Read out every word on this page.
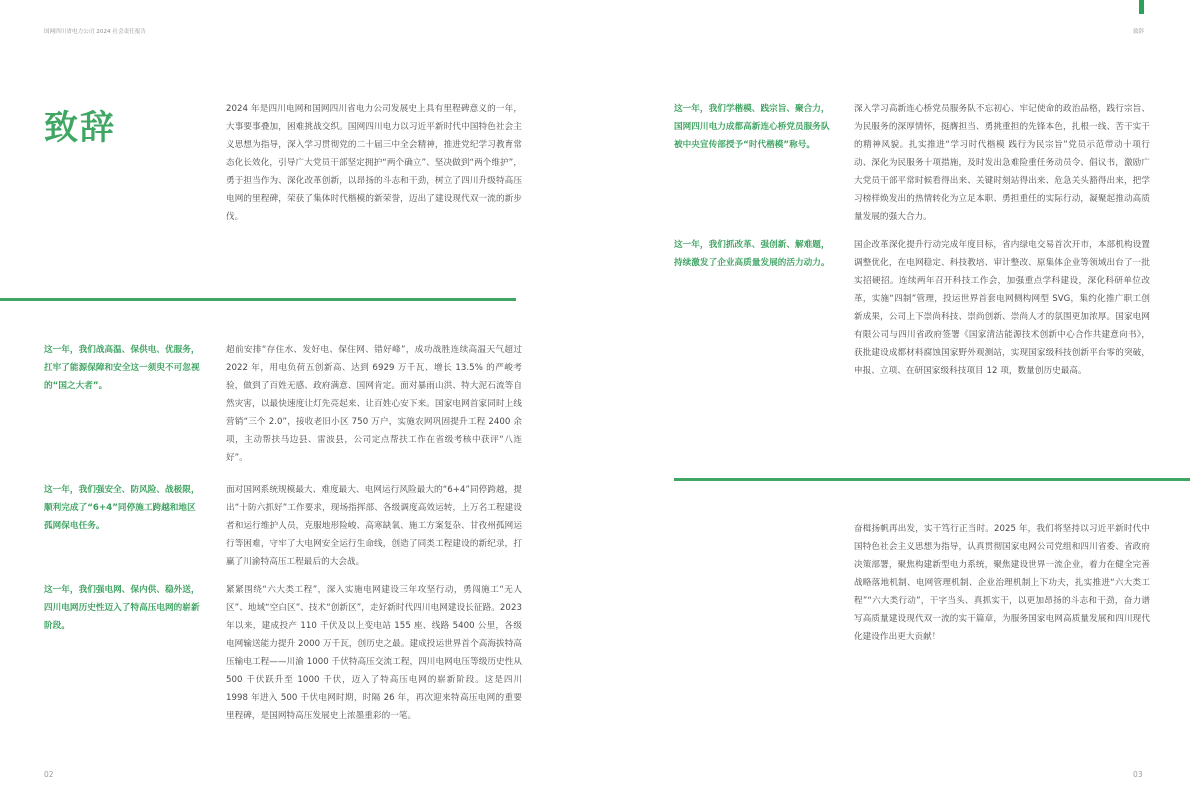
国网四川省电力公司 2024 社会责任报告	致辞
致辞	2024 年是四川电网和国网四川省电力公司发展史上具有里程碑意义的一年，大事要事叠加，困难挑战交织。国网四川电力以习近平新时代中国特色社会主义思想为指导，深入学习贯彻党的二十届三中全会精神，推进党纪学习教育常态化长效化，引导广大党员干部坚定拥护“两个确立”、坚决做到“两个维护”，勇于担当作为、深化改革创新，以昂扬的斗志和干劲，树立了四川升级特高压电网的里程碑，荣获了集体时代楷模的新荣誉，迈出了建设现代双一流的新步伐。
这一年，我们战高温、保供电、优服务，扛牢了能源保障和安全这一须臾不可忽视的“国之大者”。
超前安排“存住水、发好电、保住网、错好峰”，成功战胜连续高温天气超过 2022 年，用电负荷五创新高、达到 6929 万千瓦、增长 13.5% 的严峻考验，做到了百姓无感、政府满意、国网肯定。面对暴雨山洪、特大泥石流等自然灾害，以最快速度让灯先亮起来、让百姓心安下来。国家电网首家同时上线营销“三个 2.0”，接收老旧小区 750 万户，实施农网巩固提升工程 2400 余项，主动帮扶马边县、雷波县，公司定点帮扶工作在省级考核中获评“八连好”。
这一年，我们强安全、防风险、战极限，顺利完成了“6+4”同停施工跨越和地区孤网保电任务。
面对国网系统规模最大、难度最大、电网运行风险最大的“6+4”同停跨越，提出“十防六抓好”工作要求，现场指挥部、各级调度高效运转，上万名工程建设者和运行维护人员，克服地形险峻、高寒缺氧、施工方案复杂、甘孜州孤网运行等困难，守牢了大电网安全运行生命线，创造了同类工程建设的新纪录，打赢了川渝特高压工程最后的大会战。
这一年，我们强电网、保内供、稳外送，四川电网历史性迈入了特高压电网的崭新阶段。
紧紧围绕“六大类工程”，深入实施电网建设三年攻坚行动，勇闯施工“无人区”、地域“空白区”、技术“创新区”，走好新时代四川电网建设长征路。2023 年以来，建成投产 110 千伏及以上变电站 155 座、线路 5400 公里，各级电网输送能力提升 2000 万千瓦，创历史之最。建成投运世界首个高海拔特高压输电工程——川渝 1000 千伏特高压交流工程，四川电网电压等级历史性从 500 千伏跃升至 1000 千伏，迈入了特高压电网的崭新阶段。这是四川 1998 年进入 500 千伏电网时期，时隔 26 年，再次迎来特高压电网的重要里程碑，是国网特高压发展史上浓墨重彩的一笔。
02
这一年，我们学楷模、践宗旨、聚合力，国网四川电力成都高新连心桥党员服务队被中央宣传部授予“时代楷模”称号。
深入学习高新连心桥党员服务队不忘初心、牢记使命的政治品格，践行宗旨、为民服务的深厚情怀，挺膺担当、勇挑重担的先锋本色，扎根一线、苦干实干的精神风貌。扎实推进“学习时代楷模 践行为民宗旨”党员示范带动十项行动、深化为民服务十项措施，及时发出急难险重任务动员令、倡议书，激励广大党员干部平常时候看得出来、关键时刻站得出来、危急关头豁得出来，把学习榜样焕发出的热情转化为立足本职、勇担重任的实际行动，凝聚起推动高质量发展的强大合力。
这一年，我们抓改革、强创新、解难题，持续激发了企业高质量发展的活力动力。
国企改革深化提升行动完成年度目标，省内绿电交易首次开市，本部机构设置调整优化，在电网稳定、科技教培、审计整改、原集体企业等领域出台了一批实招硬招。连续两年召开科技工作会，加强重点学科建设，深化科研单位改革，实施“四制”管理，投运世界首套电网侧构网型 SVG，集约化推广职工创新成果，公司上下崇尚科技、崇尚创新、崇尚人才的氛围更加浓厚。国家电网有限公司与四川省政府签署《国家清洁能源技术创新中心合作共建意向书》，获批建设成都材料腐蚀国家野外观测站，实现国家级科技创新平台零的突破，申报、立项、在研国家级科技项目 12 项，数量创历史最高。
奋楫扬帆再出发，实干笃行正当时。2025 年，我们将坚持以习近平新时代中国特色社会主义思想为指导，认真贯彻国家电网公司党组和四川省委、省政府决策部署，聚焦构建新型电力系统，聚焦建设世界一流企业，着力在健全完善战略落地机制、电网管理机制、企业治理机制上下功夫，扎实推进“六大类工程”“六大类行动”，干字当头、真抓实干，以更加昂扬的斗志和干劲，奋力谱写高质量建设现代双一流的实干篇章，为服务国家电网高质量发展和四川现代化建设作出更大贡献！
03
